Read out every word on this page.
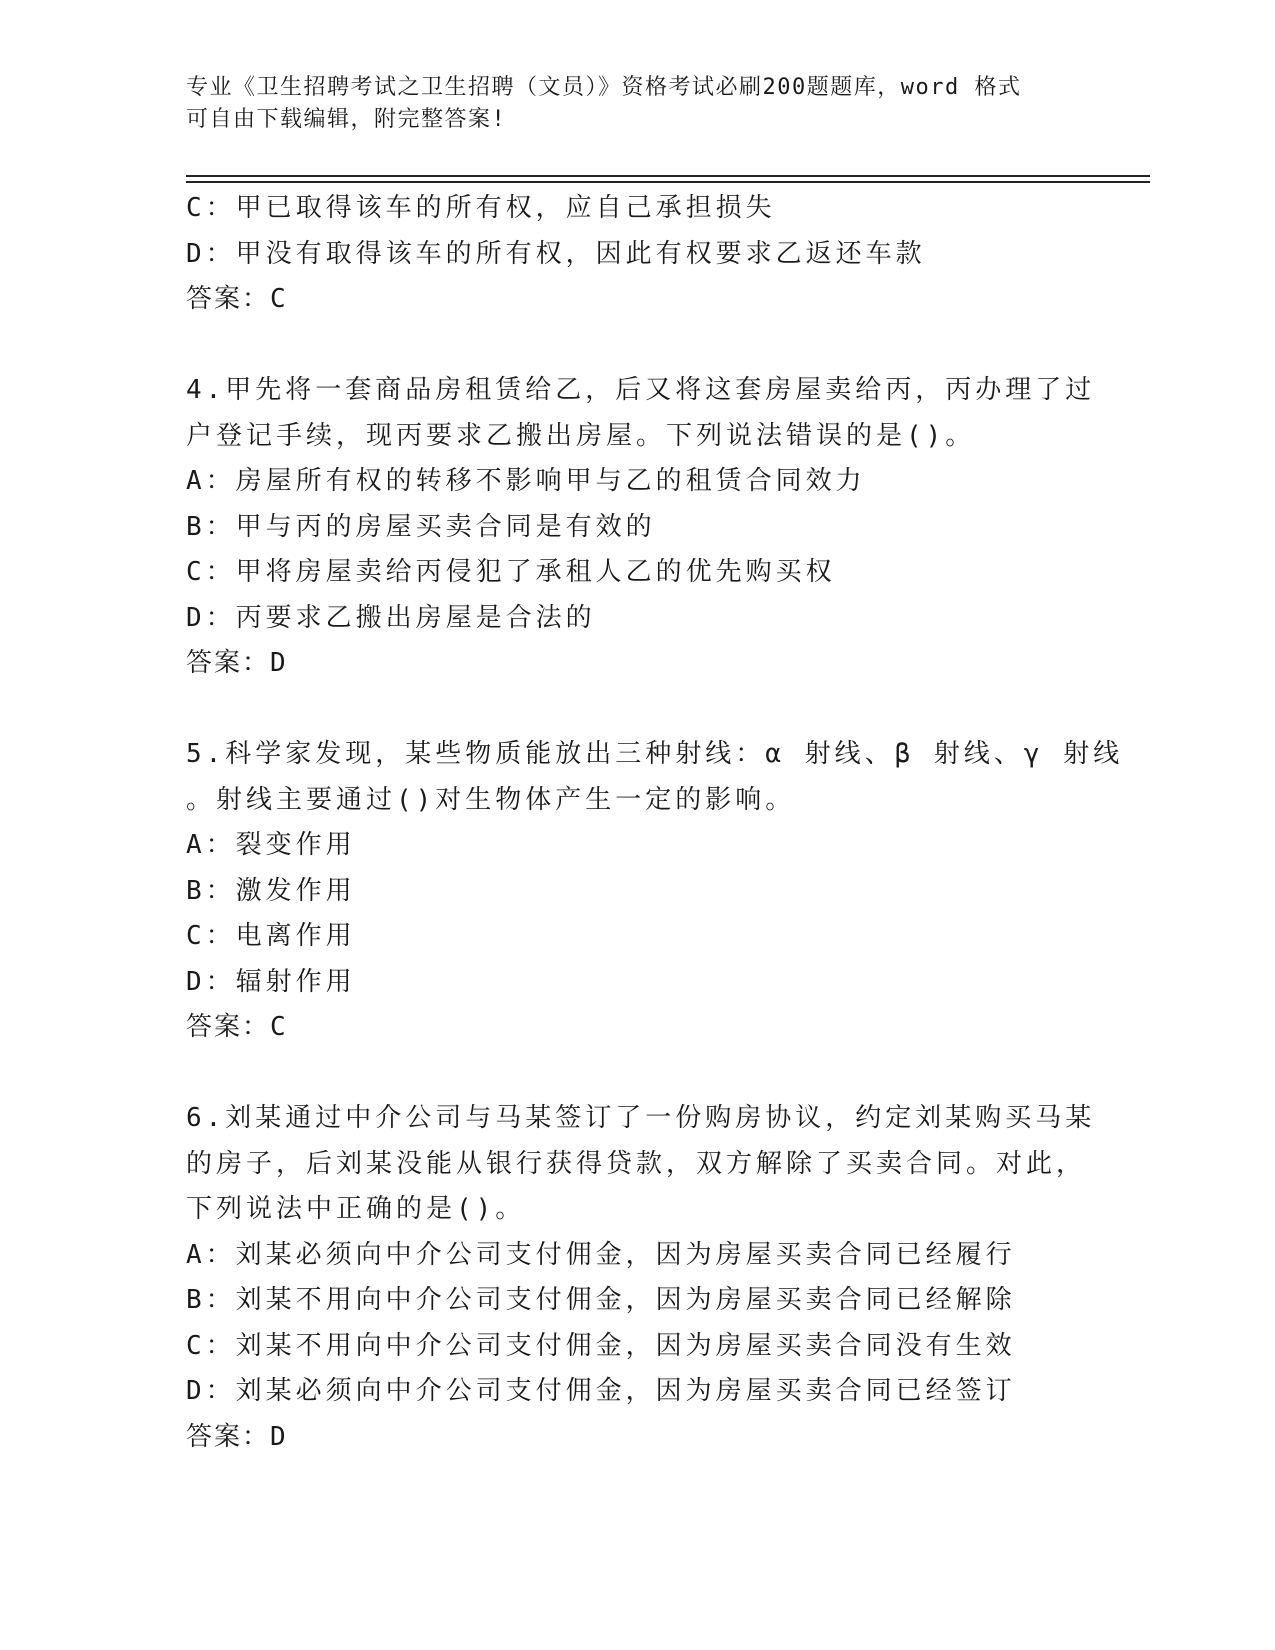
专业《卫生招聘考试之卫生招聘（文员）》资格考试必刷200题题库，word 格式
可自由下载编辑，附完整答案!
C：甲已取得该车的所有权，应自己承担损失
D：甲没有取得该车的所有权，因此有权要求乙返还车款
答案：C
4.甲先将一套商品房租赁给乙，后又将这套房屋卖给丙，丙办理了过
户登记手续，现丙要求乙搬出房屋。下列说法错误的是()。
A：房屋所有权的转移不影响甲与乙的租赁合同效力
B：甲与丙的房屋买卖合同是有效的
C：甲将房屋卖给丙侵犯了承租人乙的优先购买权
D：丙要求乙搬出房屋是合法的
答案：D
5.科学家发现，某些物质能放出三种射线：α 射线、β 射线、γ 射线
。射线主要通过()对生物体产生一定的影响。
A：裂变作用
B：激发作用
C：电离作用
D：辐射作用
答案：C
6.刘某通过中介公司与马某签订了一份购房协议，约定刘某购买马某
的房子，后刘某没能从银行获得贷款，双方解除了买卖合同。对此，
下列说法中正确的是()。
A：刘某必须向中介公司支付佣金，因为房屋买卖合同已经履行
B：刘某不用向中介公司支付佣金，因为房屋买卖合同已经解除
C：刘某不用向中介公司支付佣金，因为房屋买卖合同没有生效
D：刘某必须向中介公司支付佣金，因为房屋买卖合同已经签订
答案：D
